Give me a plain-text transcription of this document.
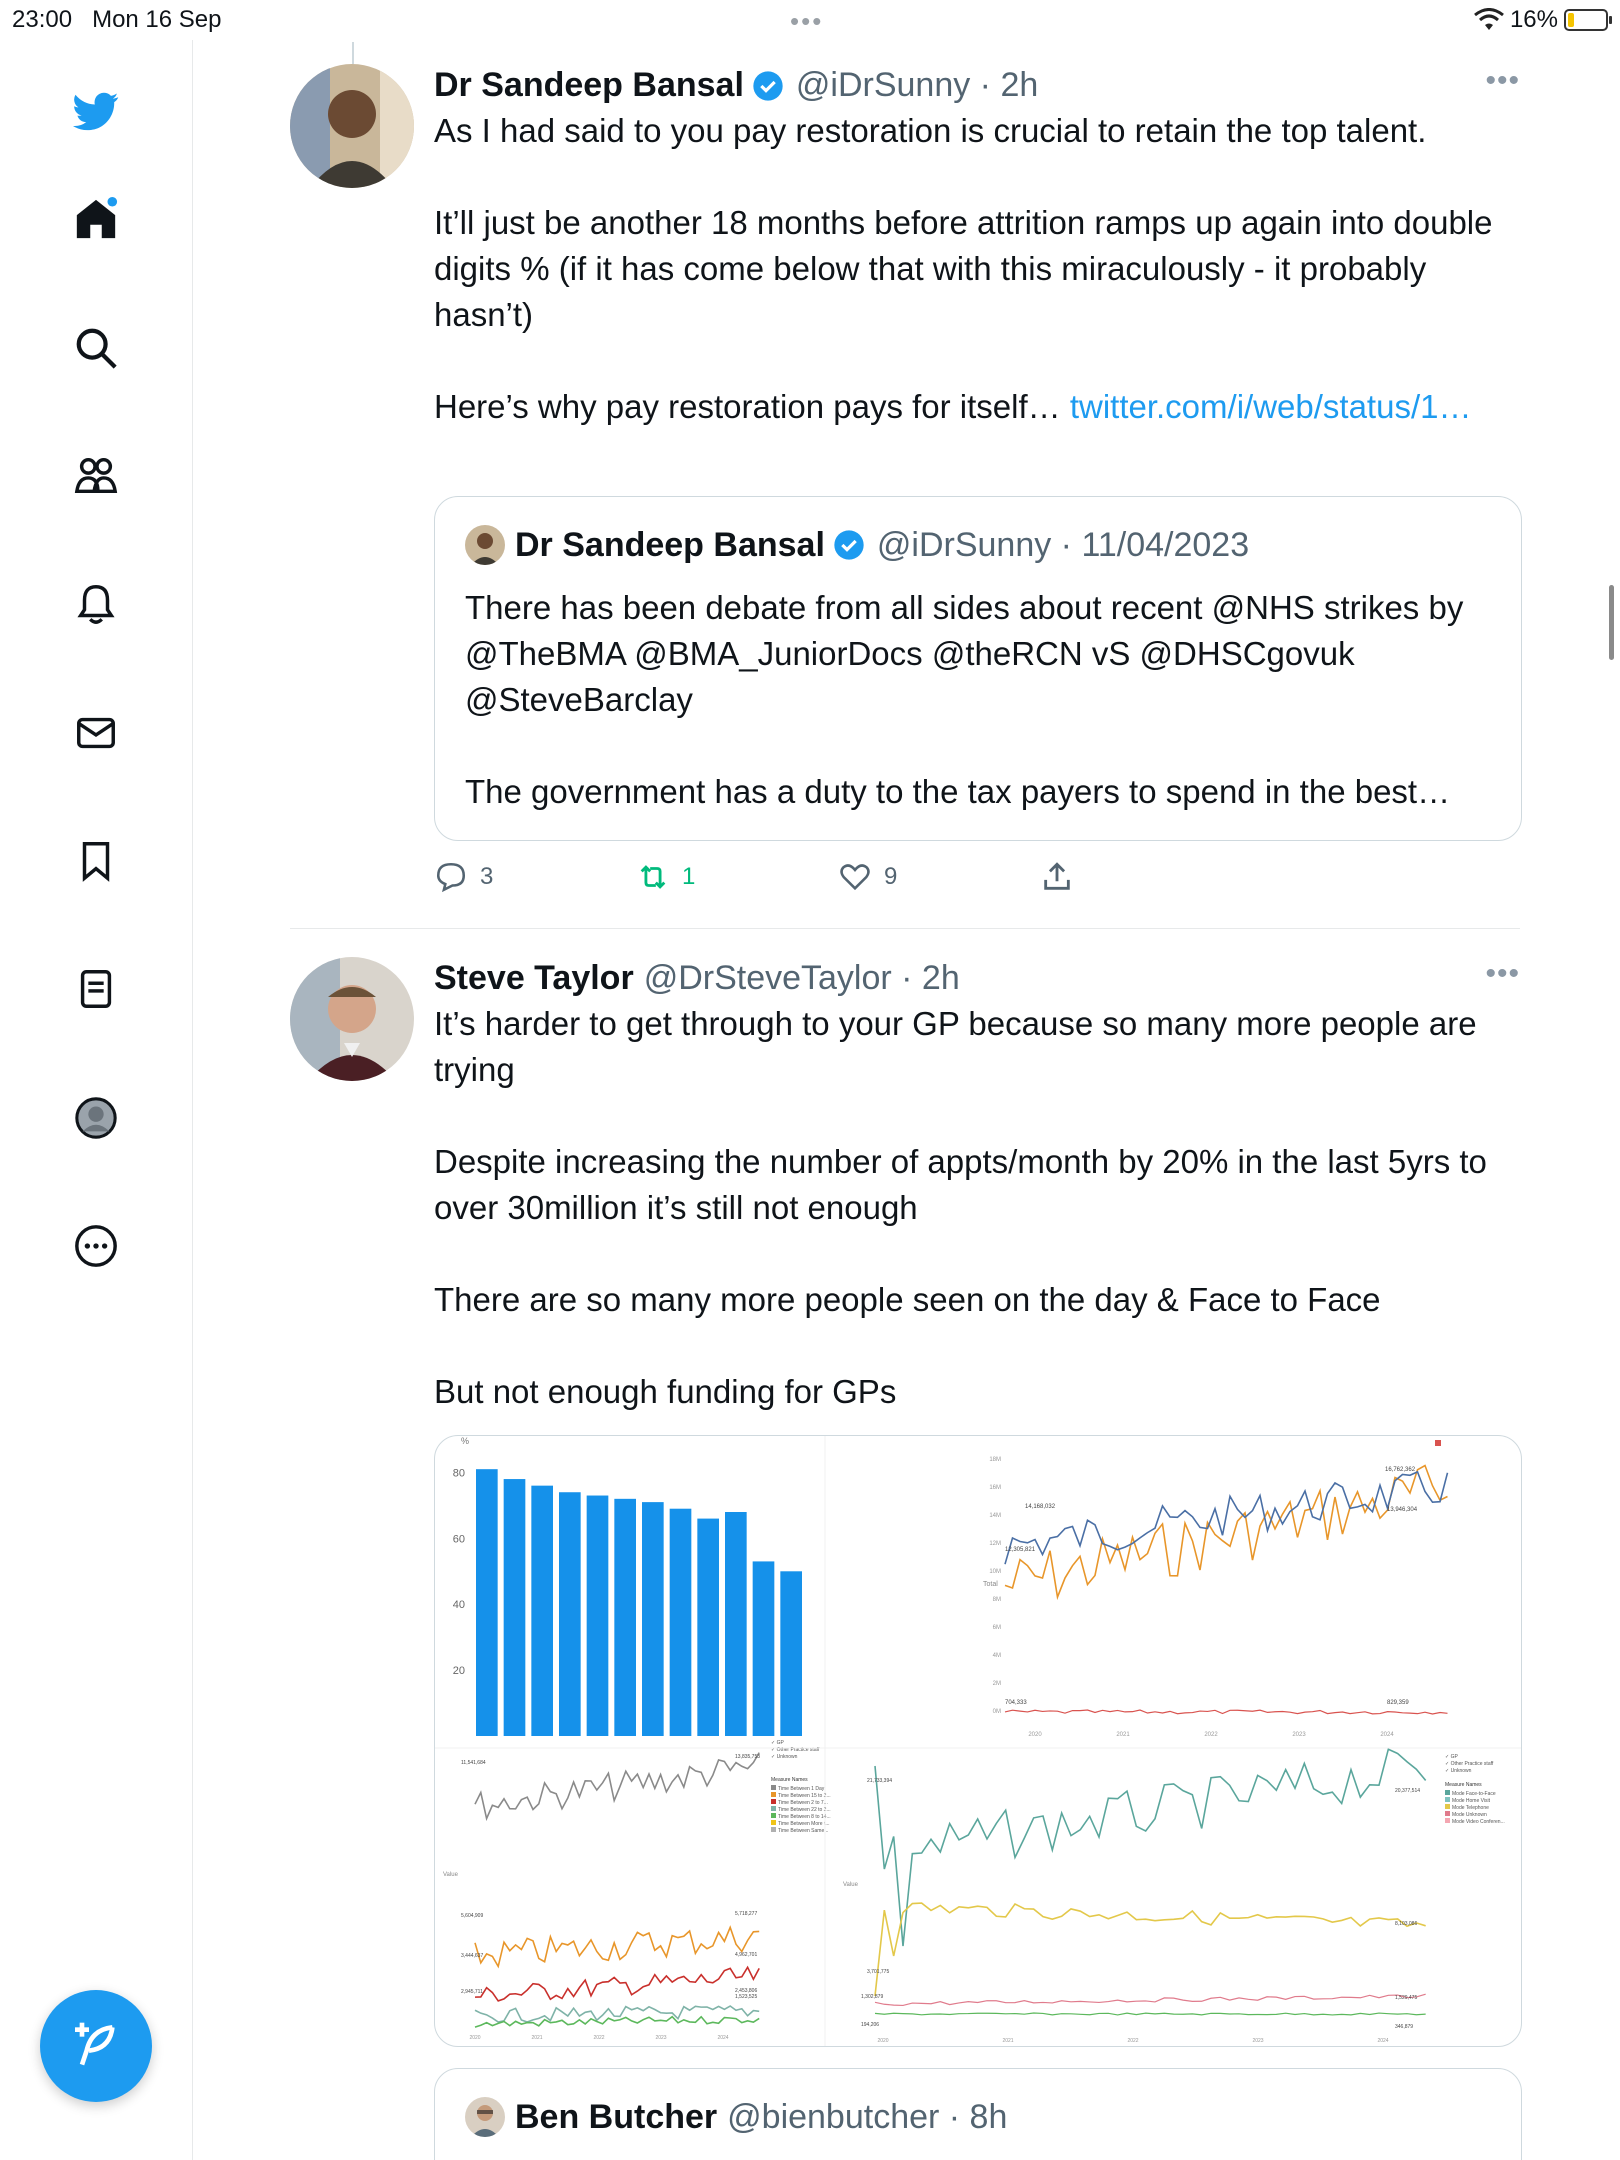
23:00 Mon 16 Sep	•••	16%
Dr Sandeep Bansal @iDrSunny · 2h	•••
As I had said to you pay restoration is crucial to retain the top talent.

It’ll just be another 18 months before attrition ramps up again into double digits % (if it has come below that with this miraculously - it probably hasn’t)

Here’s why pay restoration pays for itself… twitter.com/i/web/status/1…
Dr Sandeep Bansal @iDrSunny · 11/04/2023
There has been debate from all sides about recent @NHS strikes by @TheBMA @BMA_JuniorDocs @theRCN vS @DHSCgovuk @SteveBarclay

The government has a duty to the tax payers to spend in the best…
3	1	9
Steve Taylor @DrSteveTaylor · 2h	•••
It’s harder to get through to your GP because so many more people are trying

Despite increasing the number of appts/month by 20% in the last 5yrs to over 30million it’s still not enough

There are so many more people seen on the day & Face to Face

But not enough funding for GPs
%
20
40
60
80
Total
18M
16M
14M
12M
10M
8M
6M
4M
2M
0M
2020	2021	2022	2023	2024
14,168,032
12,305,821
16,762,362
13,946,304
704,333	829,359
Value
2020	2021	2022	2023	2024
✓ GP
✓ Other Practice staff
✓ Unknown
Measure Names
Time Between 1 Day
Time Between 15 to 2...
Time Between 2 to 7...
Time Between 22 to 2...
Time Between 8 to 14...
Time Between More t...
Time Between Same...
11,541,684
13,835,753
5,604,909	5,718,277
3,444,637	4,962,701
2,945,711	2,453,806
1,523,525
Value
2020	2021	2022	2023	2024
✓ GP
✓ Other Practice staff
✓ Unknown
Measure Names
Mode Face-to-Face
Mode Home Visit
Mode Telephone
Mode Unknown
Mode Video Conferen...
21,733,394
20,377,514
8,103,086
3,701,775
1,302,879	1,529,475
194,206	346,879
Ben Butcher @bienbutcher · 8h
